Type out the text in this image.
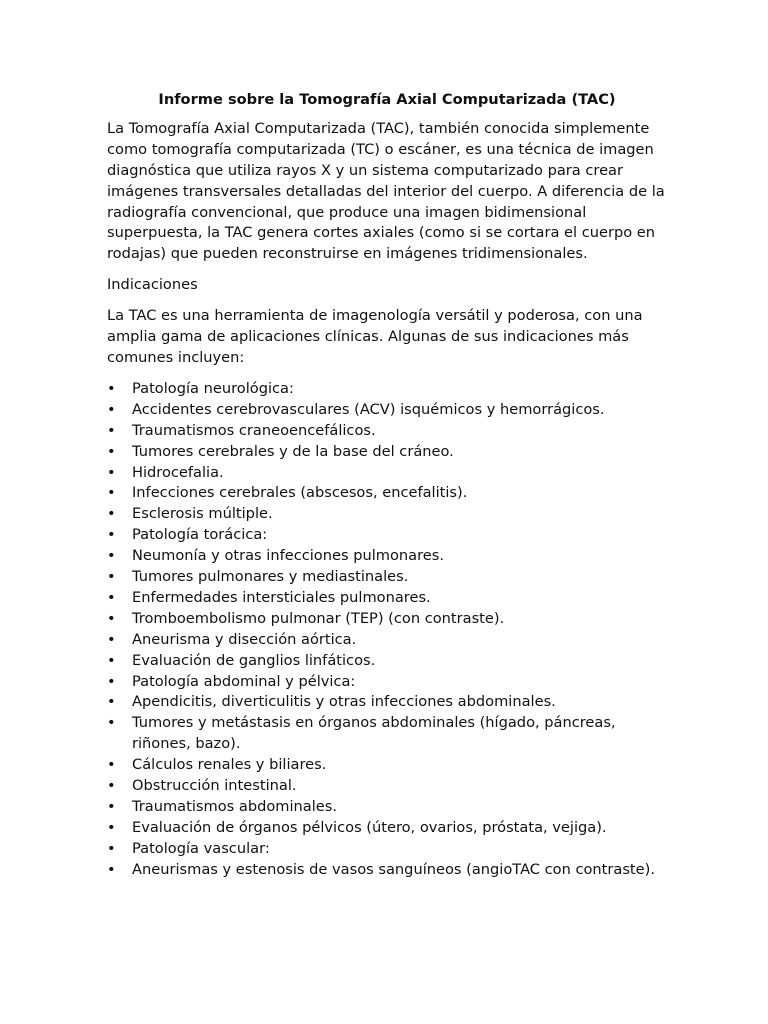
Informe sobre la Tomografía Axial Computarizada (TAC)

La Tomografía Axial Computarizada (TAC), también conocida simplemente como tomografía computarizada (TC) o escáner, es una técnica de imagen diagnóstica que utiliza rayos X y un sistema computarizado para crear imágenes transversales detalladas del interior del cuerpo. A diferencia de la radiografía convencional, que produce una imagen bidimensional superpuesta, la TAC genera cortes axiales (como si se cortara el cuerpo en rodajas) que pueden reconstruirse en imágenes tridimensionales.

Indicaciones

La TAC es una herramienta de imagenología versátil y poderosa, con una amplia gama de aplicaciones clínicas. Algunas de sus indicaciones más comunes incluyen:

• Patología neurológica:
• Accidentes cerebrovasculares (ACV) isquémicos y hemorrágicos.
• Traumatismos craneoencefálicos.
• Tumores cerebrales y de la base del cráneo.
• Hidrocefalia.
• Infecciones cerebrales (abscesos, encefalitis).
• Esclerosis múltiple.
• Patología torácica:
• Neumonía y otras infecciones pulmonares.
• Tumores pulmonares y mediastinales.
• Enfermedades intersticiales pulmonares.
• Tromboembolismo pulmonar (TEP) (con contraste).
• Aneurisma y disección aórtica.
• Evaluación de ganglios linfáticos.
• Patología abdominal y pélvica:
• Apendicitis, diverticulitis y otras infecciones abdominales.
• Tumores y metástasis en órganos abdominales (hígado, páncreas, riñones, bazo).
• Cálculos renales y biliares.
• Obstrucción intestinal.
• Traumatismos abdominales.
• Evaluación de órganos pélvicos (útero, ovarios, próstata, vejiga).
• Patología vascular:
• Aneurismas y estenosis de vasos sanguíneos (angioTAC con contraste).
